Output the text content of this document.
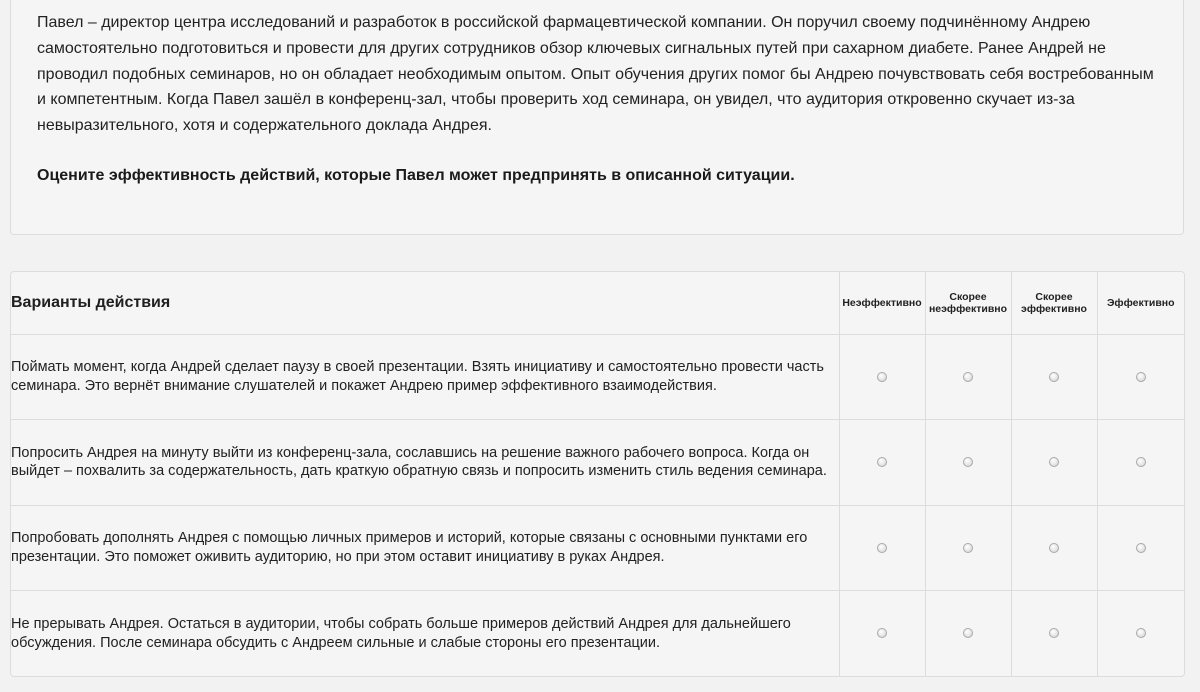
Павел – директор центра исследований и разработок в российской фармацевтической компании. Он поручил своему подчинённому Андрею самостоятельно подготовиться и провести для других сотрудников обзор ключевых сигнальных путей при сахарном диабете. Ранее Андрей не проводил подобных семинаров, но он обладает необходимым опытом. Опыт обучения других помог бы Андрею почувствовать себя востребованным и компетентным. Когда Павел зашёл в конференц-зал, чтобы проверить ход семинара, он увидел, что аудитория откровенно скучает из-за невыразительного, хотя и содержательного доклада Андрея.

Оцените эффективность действий, которые Павел может предпринять в описанной ситуации.

Варианты действия	Неэффективно	Скорее неэффективно	Скорее эффективно	Эффективно
Поймать момент, когда Андрей сделает паузу в своей презентации. Взять инициативу и самостоятельно провести часть семинара. Это вернёт внимание слушателей и покажет Андрею пример эффективного взаимодействия.				
Попросить Андрея на минуту выйти из конференц-зала, сославшись на решение важного рабочего вопроса. Когда он выйдет – похвалить за содержательность, дать краткую обратную связь и попросить изменить стиль ведения семинара.				
Попробовать дополнять Андрея с помощью личных примеров и историй, которые связаны с основными пунктами его презентации. Это поможет оживить аудиторию, но при этом оставит инициативу в руках Андрея.				
Не прерывать Андрея. Остаться в аудитории, чтобы собрать больше примеров действий Андрея для дальнейшего обсуждения. После семинара обсудить с Андреем сильные и слабые стороны его презентации.				
